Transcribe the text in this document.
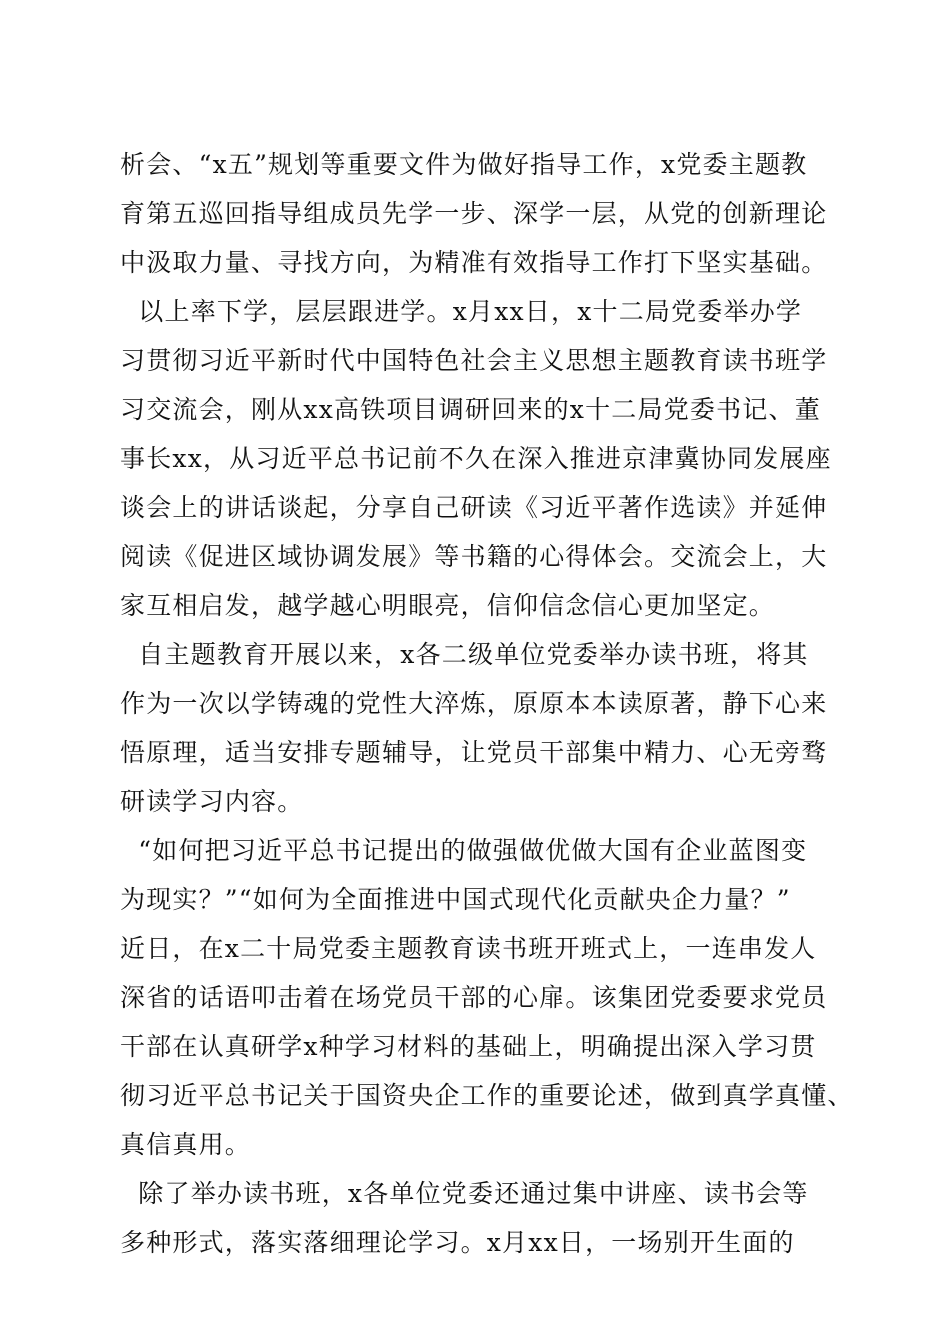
析会、“x五”规划等重要文件为做好指导工作，x党委主题教
育第五巡回指导组成员先学一步、深学一层，从党的创新理论
中汲取力量、寻找方向，为精准有效指导工作打下坚实基础。
以上率下学，层层跟进学。x月xx日，x十二局党委举办学
习贯彻习近平新时代中国特色社会主义思想主题教育读书班学
习交流会，刚从xx高铁项目调研回来的x十二局党委书记、董
事长xx，从习近平总书记前不久在深入推进京津冀协同发展座
谈会上的讲话谈起，分享自己研读《习近平著作选读》并延伸
阅读《促进区域协调发展》等书籍的心得体会。交流会上，大
家互相启发，越学越心明眼亮，信仰信念信心更加坚定。
自主题教育开展以来，x各二级单位党委举办读书班，将其
作为一次以学铸魂的党性大淬炼，原原本本读原著，静下心来
悟原理，适当安排专题辅导，让党员干部集中精力、心无旁骛
研读学习内容。
“如何把习近平总书记提出的做强做优做大国有企业蓝图变
为现实？”“如何为全面推进中国式现代化贡献央企力量？”
近日，在x二十局党委主题教育读书班开班式上，一连串发人
深省的话语叩击着在场党员干部的心扉。该集团党委要求党员
干部在认真研学x种学习材料的基础上，明确提出深入学习贯
彻习近平总书记关于国资央企工作的重要论述，做到真学真懂、
真信真用。
除了举办读书班，x各单位党委还通过集中讲座、读书会等
多种形式，落实落细理论学习。x月xx日，一场别开生面的
